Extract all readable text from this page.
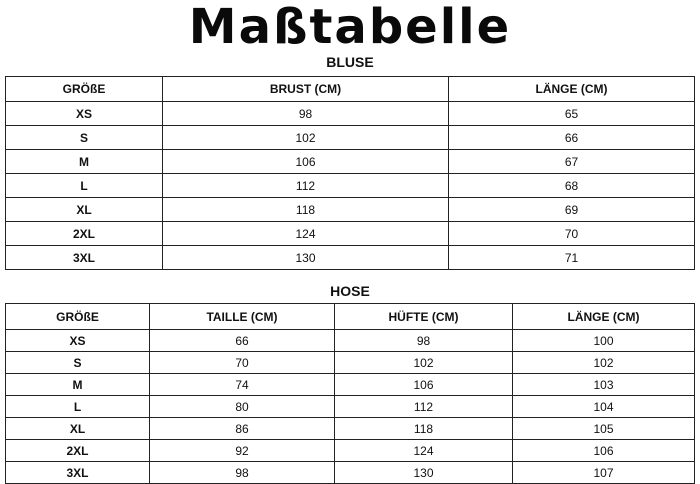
Maßtabelle
BLUSE
GRÖßE	BRUST (CM)	LÄNGE (CM)
XS	98	65
S	102	66
M	106	67
L	112	68
XL	118	69
2XL	124	70
3XL	130	71
HOSE
GRÖßE	TAILLE (CM)	HÜFTE (CM)	LÄNGE (CM)
XS	66	98	100
S	70	102	102
M	74	106	103
L	80	112	104
XL	86	118	105
2XL	92	124	106
3XL	98	130	107
